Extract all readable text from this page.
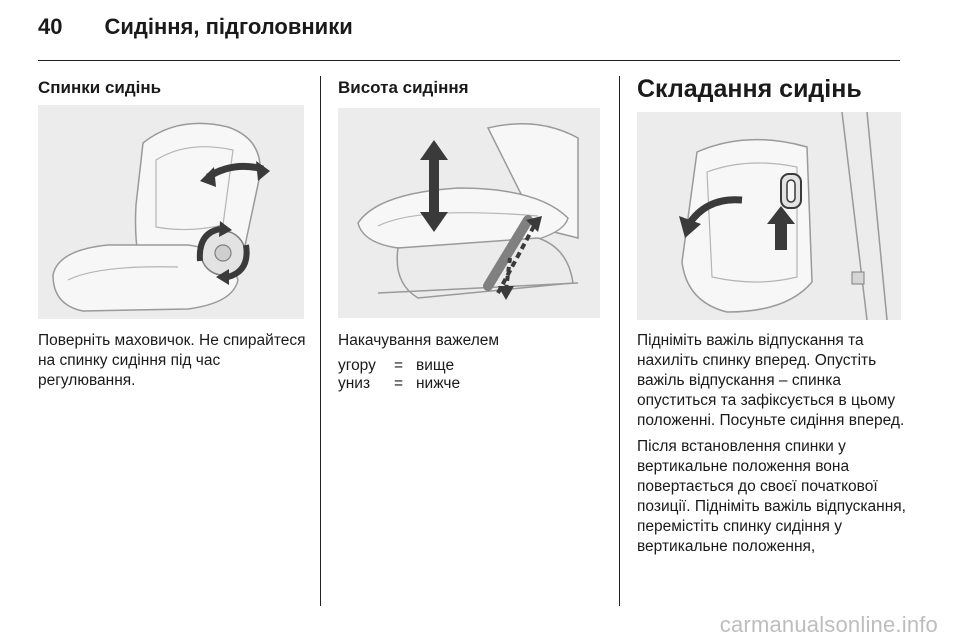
40 Сидіння, підголовники
Спинки сидінь

Поверніть маховичок. Не спирайтеся на спинку сидіння під час регулювання.

Висота сидіння

Накачування важелем

угору	= вище
униз	= нижче
Складання сидінь

Підніміть важіль відпускання та нахиліть спинку вперед. Опустіть важіль відпускання – спинка опуститься та зафіксується в цьому положенні. Посуньте сидіння вперед.

Після встановлення спинки у вертикальне положення вона повертається до своєї початкової позиції. Підніміть важіль відпускання, перемістіть спинку сидіння у вертикальне положення,

carmanualsonline.info
